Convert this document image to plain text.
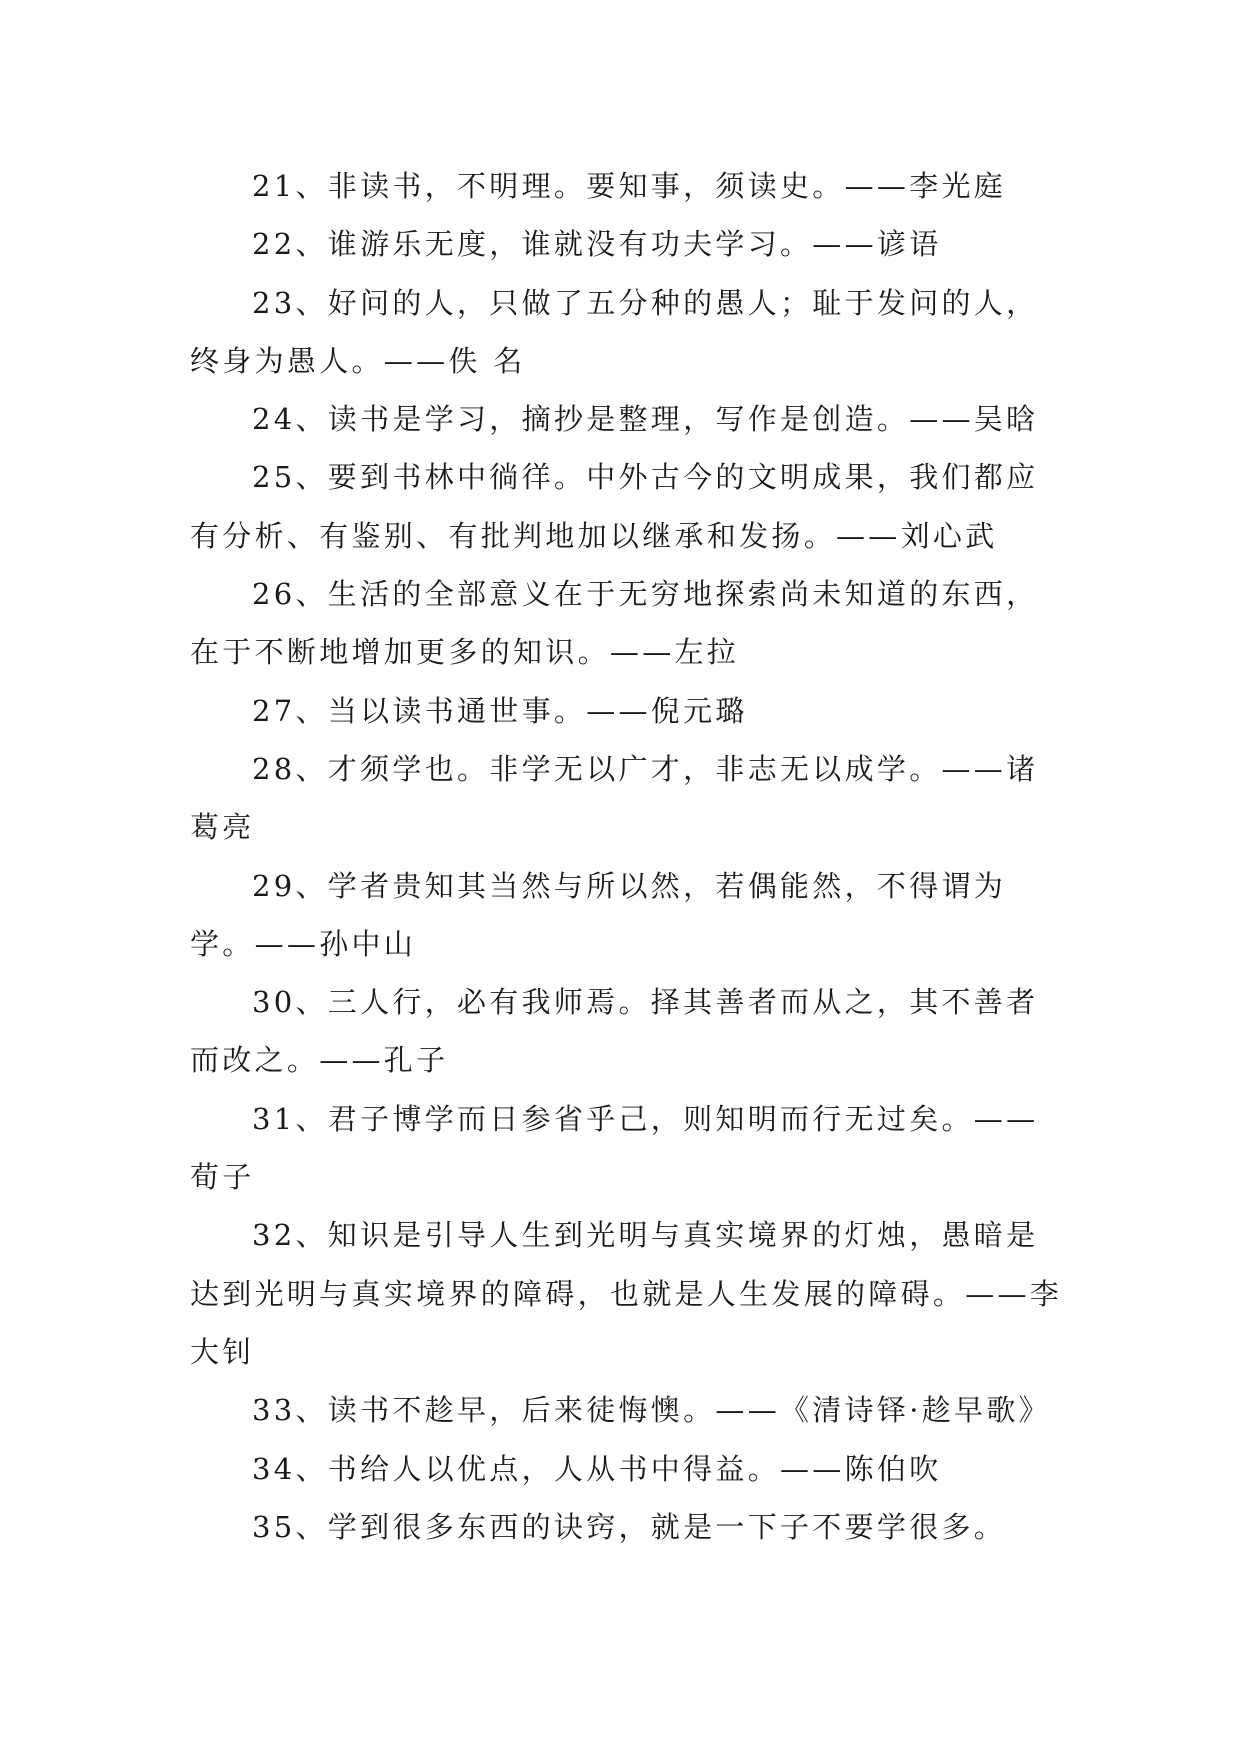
21、非读书，不明理。要知事，须读史。——李光庭

22、谁游乐无度，谁就没有功夫学习。——谚语

23、好问的人，只做了五分种的愚人；耻于发问的人，终身为愚人。——佚 名

24、读书是学习，摘抄是整理，写作是创造。——吴晗

25、要到书林中徜徉。中外古今的文明成果，我们都应有分析、有鉴别、有批判地加以继承和发扬。——刘心武

26、生活的全部意义在于无穷地探索尚未知道的东西，在于不断地增加更多的知识。——左拉

27、当以读书通世事。——倪元璐

28、才须学也。非学无以广才，非志无以成学。——诸葛亮

29、学者贵知其当然与所以然，若偶能然，不得谓为学。——孙中山

30、三人行，必有我师焉。择其善者而从之，其不善者而改之。——孔子

31、君子博学而日参省乎己，则知明而行无过矣。——荀子

32、知识是引导人生到光明与真实境界的灯烛，愚暗是达到光明与真实境界的障碍，也就是人生发展的障碍。——李大钊

33、读书不趁早，后来徒悔懊。——《清诗铎·趁早歌》

34、书给人以优点，人从书中得益。——陈伯吹

35、学到很多东西的诀窍，就是一下子不要学很多。
